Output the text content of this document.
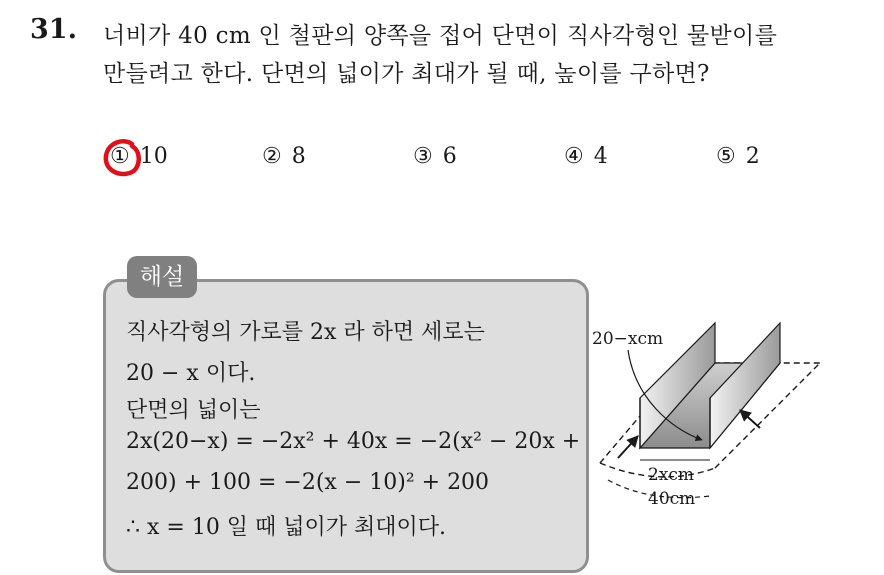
31. 너비가 40 cm 인 철판의 양쪽을 접어 단면이 직사각형인 물받이를
만들려고 한다. 단면의 넓이가 최대가 될 때, 높이를 구하면?
① 10	② 8	③ 6	④ 4	⑤ 2
해설
직사각형의 가로를 2x 라 하면 세로는
20 − x 이다.
단면의 넓이는
2x(20−x) = −2x² + 40x = −2(x² − 20x +
200) + 100 = −2(x − 10)² + 200
∴ x = 10 일 때 넓이가 최대이다.
20−xcm
2xcm
40cm
